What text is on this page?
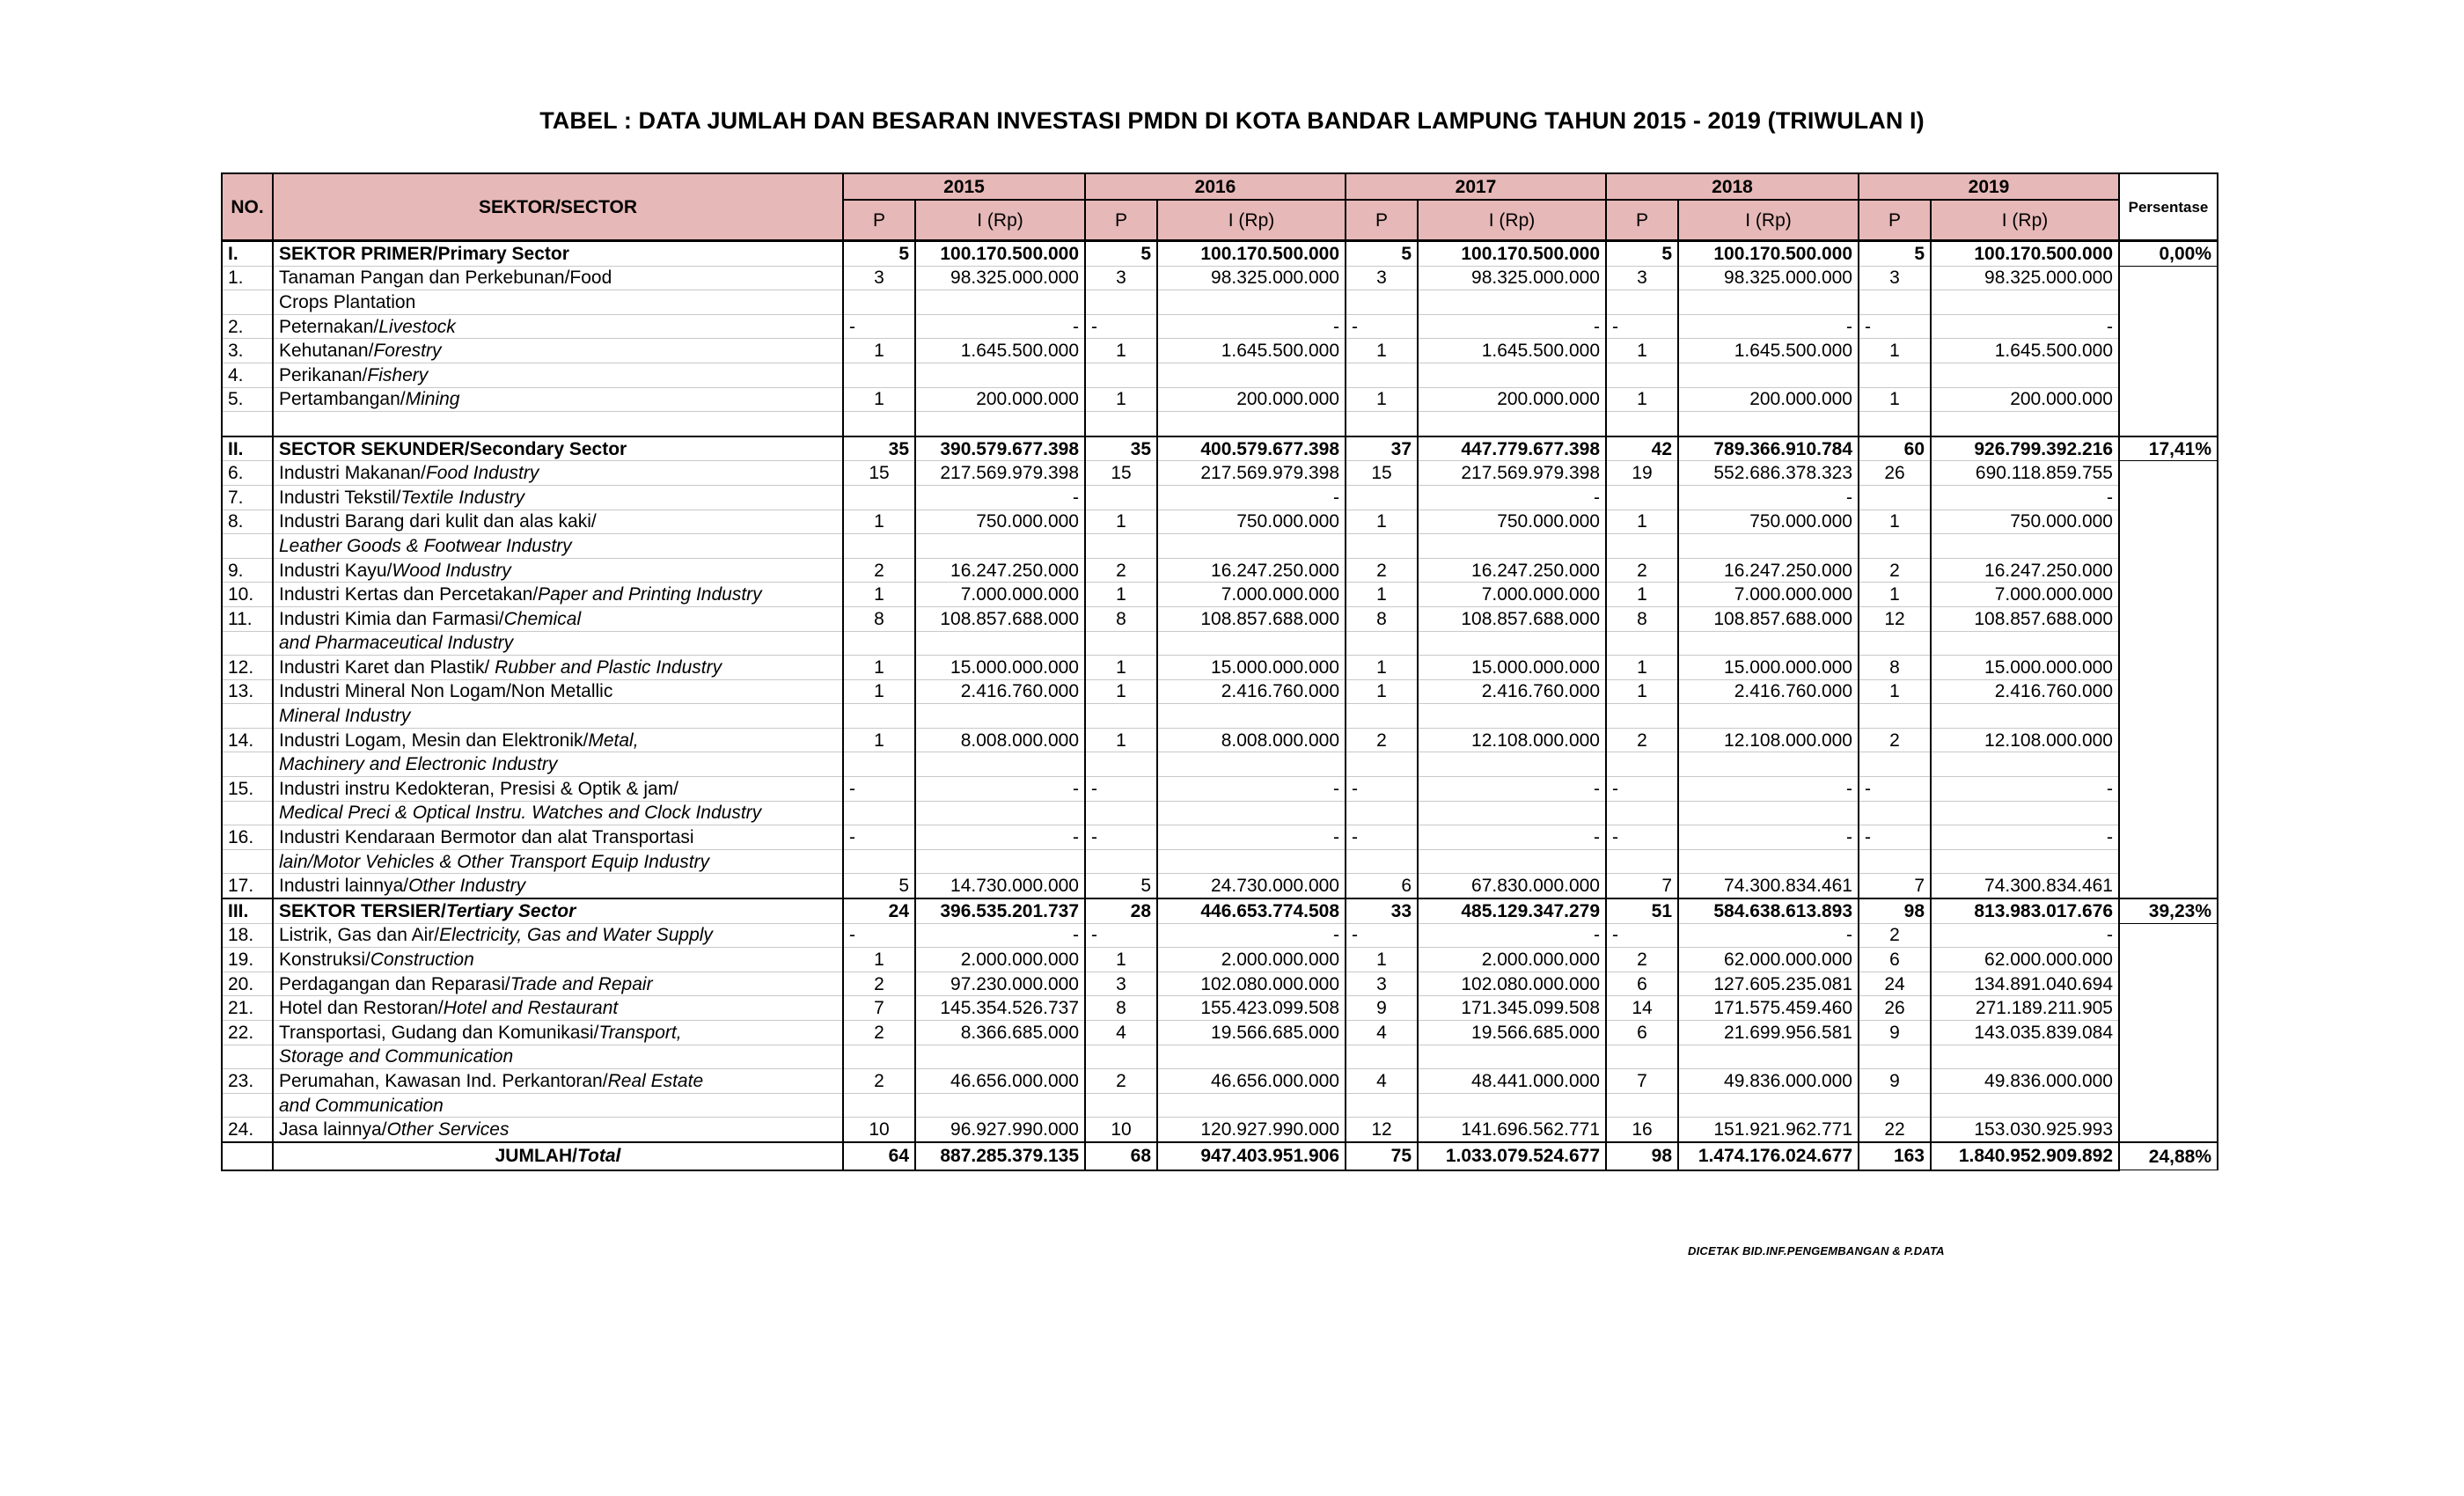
TABEL : DATA JUMLAH DAN BESARAN INVESTASI PMDN DI KOTA BANDAR LAMPUNG TAHUN 2015 - 2019 (TRIWULAN I)
NO.	SEKTOR/SECTOR	2015		2016		2017		2018		2019		Persentase
		P	I (Rp)	P	I (Rp)	P	I (Rp)	P	I (Rp)	P	I (Rp)	
I.	SEKTOR PRIMER/Primary Sector	5	100.170.500.000	5	100.170.500.000	5	100.170.500.000	5	100.170.500.000	5	100.170.500.000	0,00%
1.	Tanaman Pangan dan Perkebunan/Food	3	98.325.000.000	3	98.325.000.000	3	98.325.000.000	3	98.325.000.000	3	98.325.000.000	
	Crops Plantation											
2.	Peternakan/Livestock	-	-	-	-	-	-	-	-	-	-	
3.	Kehutanan/Forestry	1	1.645.500.000	1	1.645.500.000	1	1.645.500.000	1	1.645.500.000	1	1.645.500.000	
4.	Perikanan/Fishery											
5.	Pertambangan/Mining	1	200.000.000	1	200.000.000	1	200.000.000	1	200.000.000	1	200.000.000	

II.	SECTOR SEKUNDER/Secondary Sector	35	390.579.677.398	35	400.579.677.398	37	447.779.677.398	42	789.366.910.784	60	926.799.392.216	17,41%
6.	Industri Makanan/Food Industry	15	217.569.979.398	15	217.569.979.398	15	217.569.979.398	19	552.686.378.323	26	690.118.859.755	
7.	Industri Tekstil/Textile Industry		-		-		-		-		-	
8.	Industri Barang dari kulit dan alas kaki/	1	750.000.000	1	750.000.000	1	750.000.000	1	750.000.000	1	750.000.000	
	Leather Goods & Footwear Industry											
9.	Industri Kayu/Wood Industry	2	16.247.250.000	2	16.247.250.000	2	16.247.250.000	2	16.247.250.000	2	16.247.250.000	
10.	Industri Kertas dan Percetakan/Paper and Printing Industry	1	7.000.000.000	1	7.000.000.000	1	7.000.000.000	1	7.000.000.000	1	7.000.000.000	
11.	Industri Kimia dan Farmasi/Chemical	8	108.857.688.000	8	108.857.688.000	8	108.857.688.000	8	108.857.688.000	12	108.857.688.000	
	and Pharmaceutical Industry											
12.	Industri Karet dan Plastik/ Rubber and Plastic Industry	1	15.000.000.000	1	15.000.000.000	1	15.000.000.000	1	15.000.000.000	8	15.000.000.000	
13.	Industri Mineral Non Logam/Non Metallic	1	2.416.760.000	1	2.416.760.000	1	2.416.760.000	1	2.416.760.000	1	2.416.760.000	
	Mineral Industry											
14.	Industri Logam, Mesin dan Elektronik/Metal,	1	8.008.000.000	1	8.008.000.000	2	12.108.000.000	2	12.108.000.000	2	12.108.000.000	
	Machinery and Electronic Industry											
15.	Industri instru Kedokteran, Presisi & Optik & jam/	-	-	-	-	-	-	-	-	-	-	
	Medical Preci & Optical Instru. Watches and Clock Industry											
16.	Industri Kendaraan Bermotor dan alat Transportasi	-	-	-	-	-	-	-	-	-	-	
	lain/Motor Vehicles & Other Transport Equip Industry											
17.	Industri lainnya/Other Industry	5	14.730.000.000	5	24.730.000.000	6	67.830.000.000	7	74.300.834.461	7	74.300.834.461	
III.	SEKTOR TERSIER/Tertiary Sector	24	396.535.201.737	28	446.653.774.508	33	485.129.347.279	51	584.638.613.893	98	813.983.017.676	39,23%
18.	Listrik, Gas dan Air/Electricity, Gas and Water Supply	-	-	-	-	-	-	-	-	2	-	
19.	Konstruksi/Construction	1	2.000.000.000	1	2.000.000.000	1	2.000.000.000	2	62.000.000.000	6	62.000.000.000	
20.	Perdagangan dan Reparasi/Trade and Repair	2	97.230.000.000	3	102.080.000.000	3	102.080.000.000	6	127.605.235.081	24	134.891.040.694	
21.	Hotel dan Restoran/Hotel and Restaurant	7	145.354.526.737	8	155.423.099.508	9	171.345.099.508	14	171.575.459.460	26	271.189.211.905	
22.	Transportasi, Gudang dan Komunikasi/Transport,	2	8.366.685.000	4	19.566.685.000	4	19.566.685.000	6	21.699.956.581	9	143.035.839.084	
	Storage and Communication											
23.	Perumahan, Kawasan Ind. Perkantoran/Real Estate	2	46.656.000.000	2	46.656.000.000	4	48.441.000.000	7	49.836.000.000	9	49.836.000.000	
	and Communication											
24.	Jasa lainnya/Other Services	10	96.927.990.000	10	120.927.990.000	12	141.696.562.771	16	151.921.962.771	22	153.030.925.993	
	JUMLAH/Total	64	887.285.379.135	68	947.403.951.906	75	1.033.079.524.677	98	1.474.176.024.677	163	1.840.952.909.892	24,88%
DICETAK BID.INF.PENGEMBANGAN & P.DATA
